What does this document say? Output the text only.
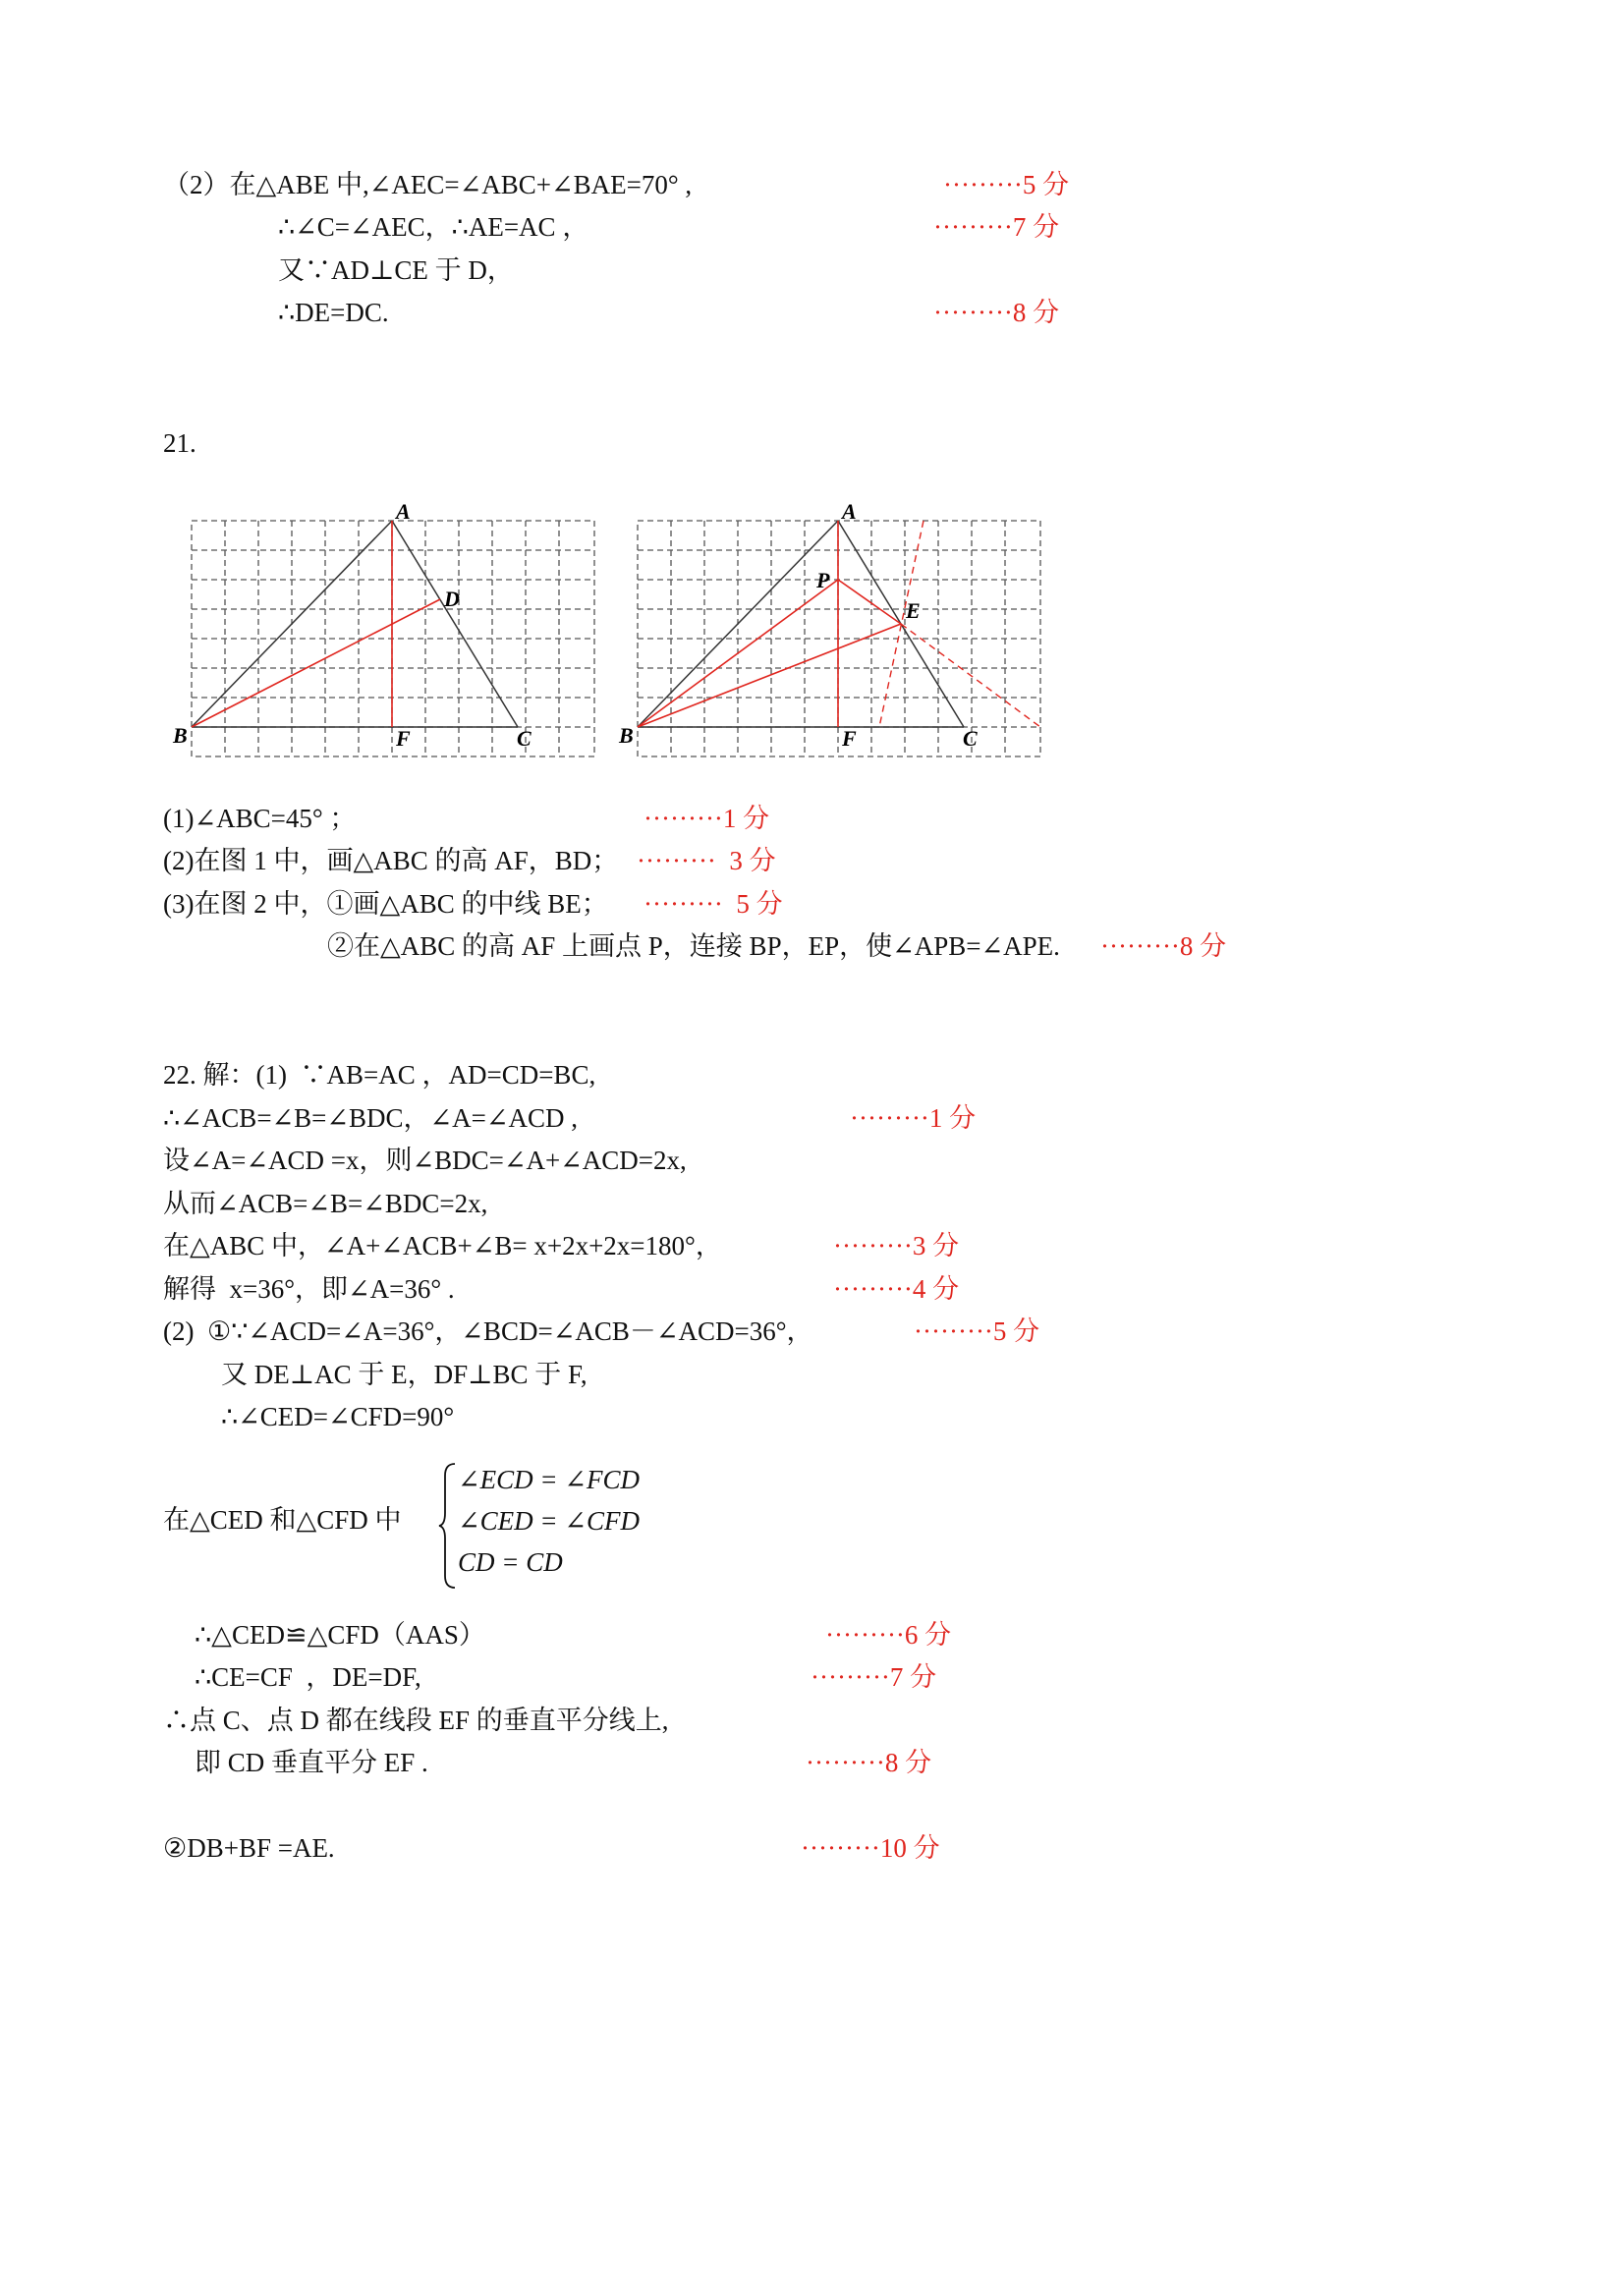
（2）在△ABE 中,∠AEC=∠ABC+∠BAE=70° ,	·········5 分
∴∠C=∠AEC，∴AE=AC ，	·········7 分
又∵AD⊥CE 于 D，
∴DE=DC.	·········8 分
21.
A
D
B	F	C
A
P
E
B	F	C
(1)∠ABC=45° ；	·········1 分
(2)在图 1 中，画△ABC 的高 AF，BD； ·········  3 分
(3)在图 2 中，①画△ABC 的中线 BE； ·········  5 分
②在△ABC 的高 AF 上画点 P，连接 BP，EP，使∠APB=∠APE. ·········8 分
22. 解：(1)  ∵AB=AC ，AD=CD=BC,
∴∠ACB=∠B=∠BDC，∠A=∠ACD ,	·········1 分
设∠A=∠ACD =x，则∠BDC=∠A+∠ACD=2x,
从而∠ACB=∠B=∠BDC=2x,
在△ABC 中，∠A+∠ACB+∠B= x+2x+2x=180°，	·········3 分
解得  x=36°，即∠A=36° .	·········4 分
(2)  ①∵∠ACD=∠A=36°，∠BCD=∠ACB－∠ACD=36°，	·········5 分
又 DE⊥AC 于 E，DF⊥BC 于 F,
∴∠CED=∠CFD=90°
在△CED 和△CFD 中
∠ECD = ∠FCD
∠CED = ∠CFD
CD = CD
∴△CED≌△CFD（AAS）	·········6 分
∴CE=CF  ，DE=DF,	·········7 分
∴点 C、点 D 都在线段 EF 的垂直平分线上,
即 CD 垂直平分 EF .	·········8 分
②DB+BF =AE.	·········10 分
